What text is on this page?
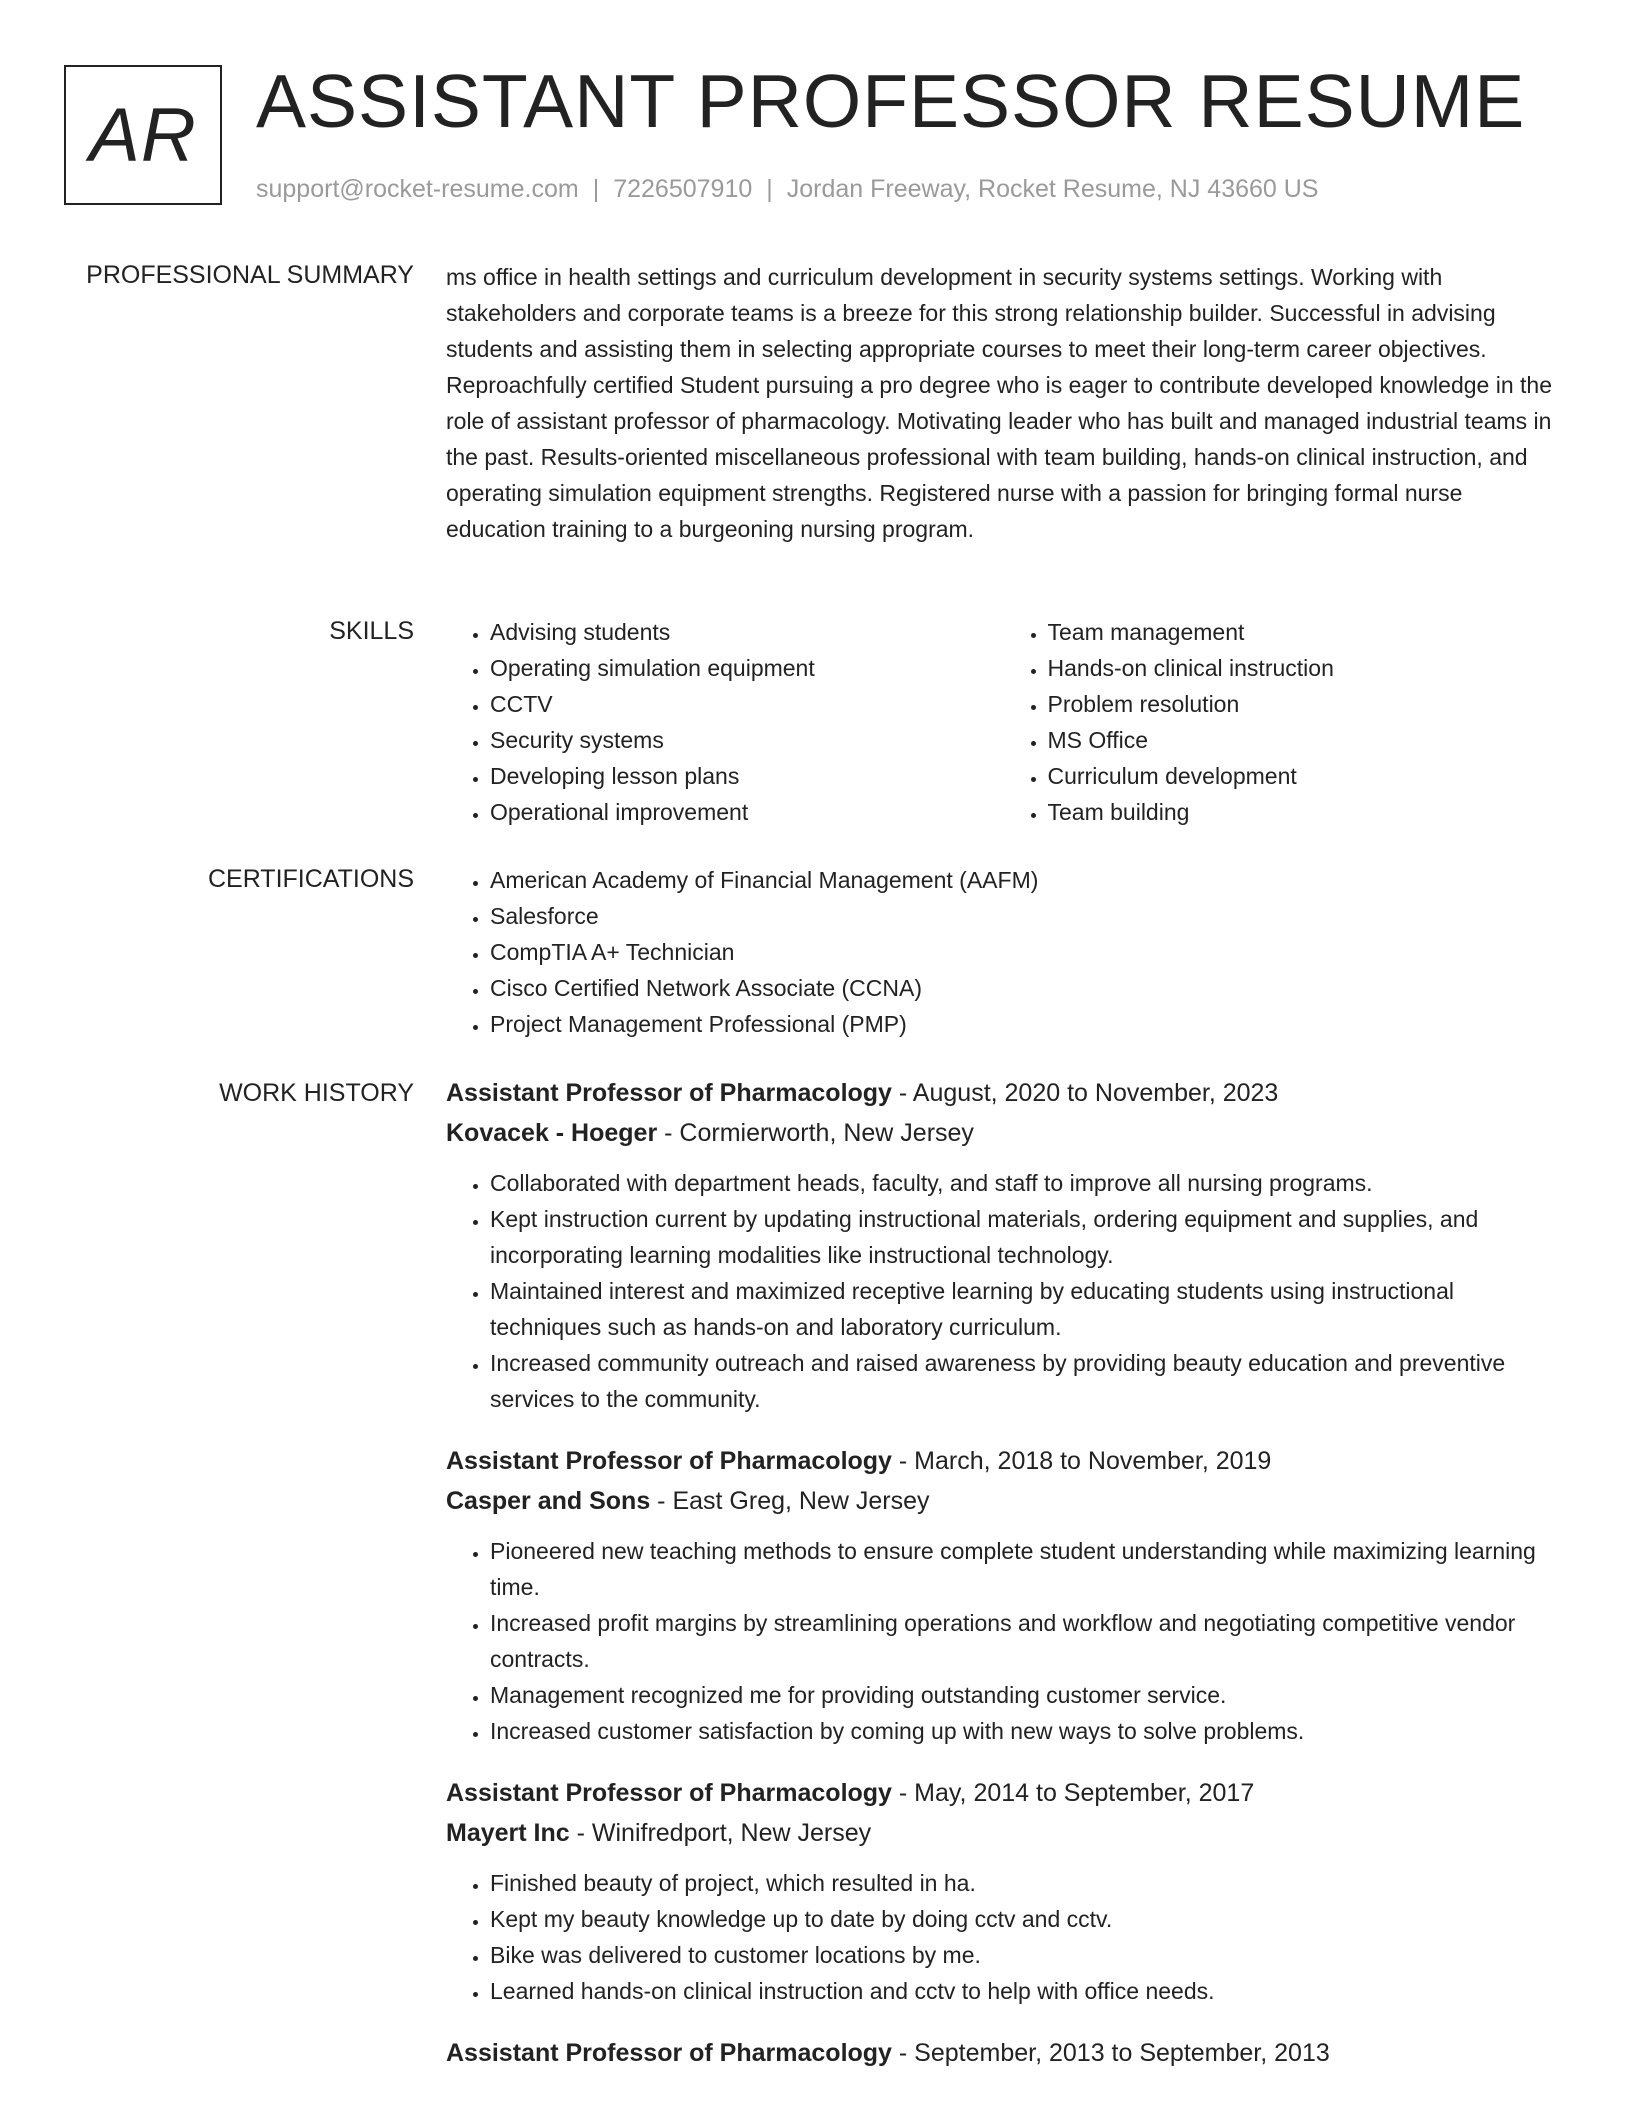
AR ASSISTANT PROFESSOR RESUME
support@rocket-resume.com | 7226507910 | Jordan Freeway, Rocket Resume, NJ 43660 US
PROFESSIONAL SUMMARY ms office in health settings and curriculum development in security systems settings. Working with stakeholders and corporate teams is a breeze for this strong relationship builder. Successful in advising students and assisting them in selecting appropriate courses to meet their long-term career objectives. Reproachfully certified Student pursuing a pro degree who is eager to contribute developed knowledge in the role of assistant professor of pharmacology. Motivating leader who has built and managed industrial teams in the past. Results-oriented miscellaneous professional with team building, hands-on clinical instruction, and operating simulation equipment strengths. Registered nurse with a passion for bringing formal nurse education training to a burgeoning nursing program.
SKILLS	• Advising students
• Operating simulation equipment
• CCTV
• Security systems
• Developing lesson plans
• Operational improvement
• Team management
• Hands-on clinical instruction
• Problem resolution
• MS Office
• Curriculum development
• Team building
CERTIFICATIONS	• American Academy of Financial Management (AAFM)
• Salesforce
• CompTIA A+ Technician
• Cisco Certified Network Associate (CCNA)
• Project Management Professional (PMP)
WORK HISTORY Assistant Professor of Pharmacology - August, 2020 to November, 2023
Kovacek - Hoeger - Cormierworth, New Jersey
• Collaborated with department heads, faculty, and staff to improve all nursing programs.
• Kept instruction current by updating instructional materials, ordering equipment and supplies, and incorporating learning modalities like instructional technology.
• Maintained interest and maximized receptive learning by educating students using instructional techniques such as hands-on and laboratory curriculum.
• Increased community outreach and raised awareness by providing beauty education and preventive services to the community.
Assistant Professor of Pharmacology - March, 2018 to November, 2019
Casper and Sons - East Greg, New Jersey
• Pioneered new teaching methods to ensure complete student understanding while maximizing learning time.
• Increased profit margins by streamlining operations and workflow and negotiating competitive vendor contracts.
• Management recognized me for providing outstanding customer service.
• Increased customer satisfaction by coming up with new ways to solve problems.
Assistant Professor of Pharmacology - May, 2014 to September, 2017
Mayert Inc - Winifredport, New Jersey
• Finished beauty of project, which resulted in ha.
• Kept my beauty knowledge up to date by doing cctv and cctv.
• Bike was delivered to customer locations by me.
• Learned hands-on clinical instruction and cctv to help with office needs.
Assistant Professor of Pharmacology - September, 2013 to September, 2013
